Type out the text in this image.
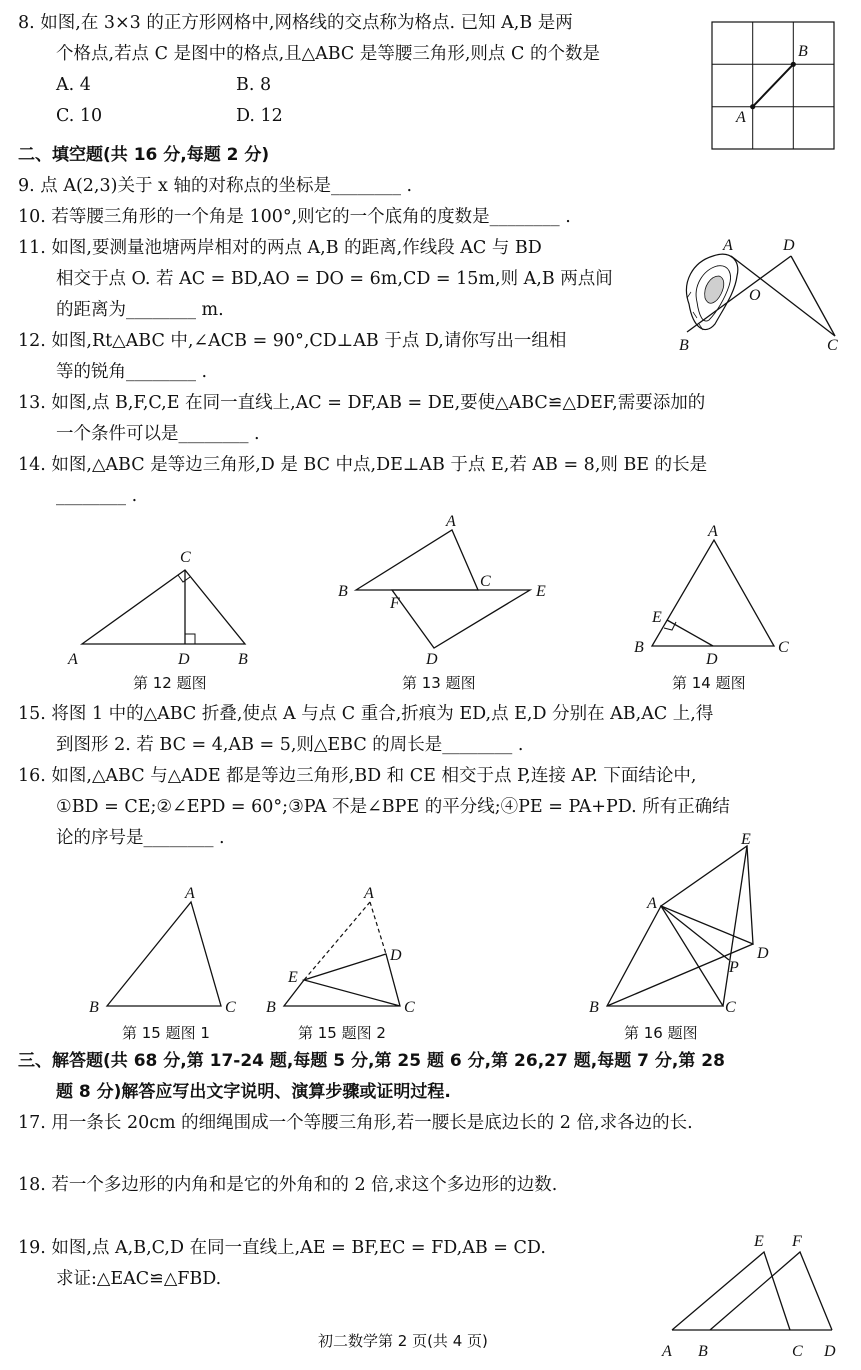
8. 如图,在 3×3 的正方形网格中,网格线的交点称为格点. 已知 A,B 是两
个格点,若点 C 是图中的格点,且△ABC 是等腰三角形,则点 C 的个数是
A. 4	B. 8
C. 10	D. 12	A
B
二、填空题(共 16 分,每题 2 分)
9. 点 A(2,3)关于 x 轴的对称点的坐标是________ .
10. 若等腰三角形的一个角是 100°,则它的一个底角的度数是________ .
11. 如图,要测量池塘两岸相对的两点 A,B 的距离,作线段 AC 与 BD
相交于点 O. 若 AC = BD,AO = DO = 6m,CD = 15m,则 A,B 两点间
的距离为________ m.
A	D
O
B	C
12. 如图,Rt△ABC 中,∠ACB = 90°,CD⊥AB 于点 D,请你写出一组相
等的锐角________ .
13. 如图,点 B,F,C,E 在同一直线上,AC = DF,AB = DE,要使△ABC≌△DEF,需要添加的
一个条件可以是________ .
14. 如图,△ABC 是等边三角形,D 是 BC 中点,DE⊥AB 于点 E,若 AB = 8,则 BE 的长是
________ .
C
A	D	B
第 12 题图
A
B
F
C
E
D
第 13 题图
A
E
B
D
C
第 14 题图
15. 将图 1 中的△ABC 折叠,使点 A 与点 C 重合,折痕为 ED,点 E,D 分别在 AB,AC 上,得
到图形 2. 若 BC = 4,AB = 5,则△EBC 的周长是________ .
16. 如图,△ABC 与△ADE 都是等边三角形,BD 和 CE 相交于点 P,连接 AP. 下面结论中,
①BD = CE;②∠EPD = 60°;③PA 不是∠BPE 的平分线;④PE = PA+PD. 所有正确结
论的序号是________ .
A
B	C
第 15 题图 1
A
D
E
B	C
第 15 题图 2
E
A
D
P
B	C
第 16 题图
三、解答题(共 68 分,第 17-24 题,每题 5 分,第 25 题 6 分,第 26,27 题,每题 7 分,第 28
题 8 分)解答应写出文字说明、演算步骤或证明过程.
17. 用一条长 20cm 的细绳围成一个等腰三角形,若一腰长是底边长的 2 倍,求各边的长.
18. 若一个多边形的内角和是它的外角和的 2 倍,求这个多边形的边数.
19. 如图,点 A,B,C,D 在同一直线上,AE = BF,EC = FD,AB = CD.
求证:△EAC≌△FBD.
E F
A B	C D
初二数学第 2 页(共 4 页)
